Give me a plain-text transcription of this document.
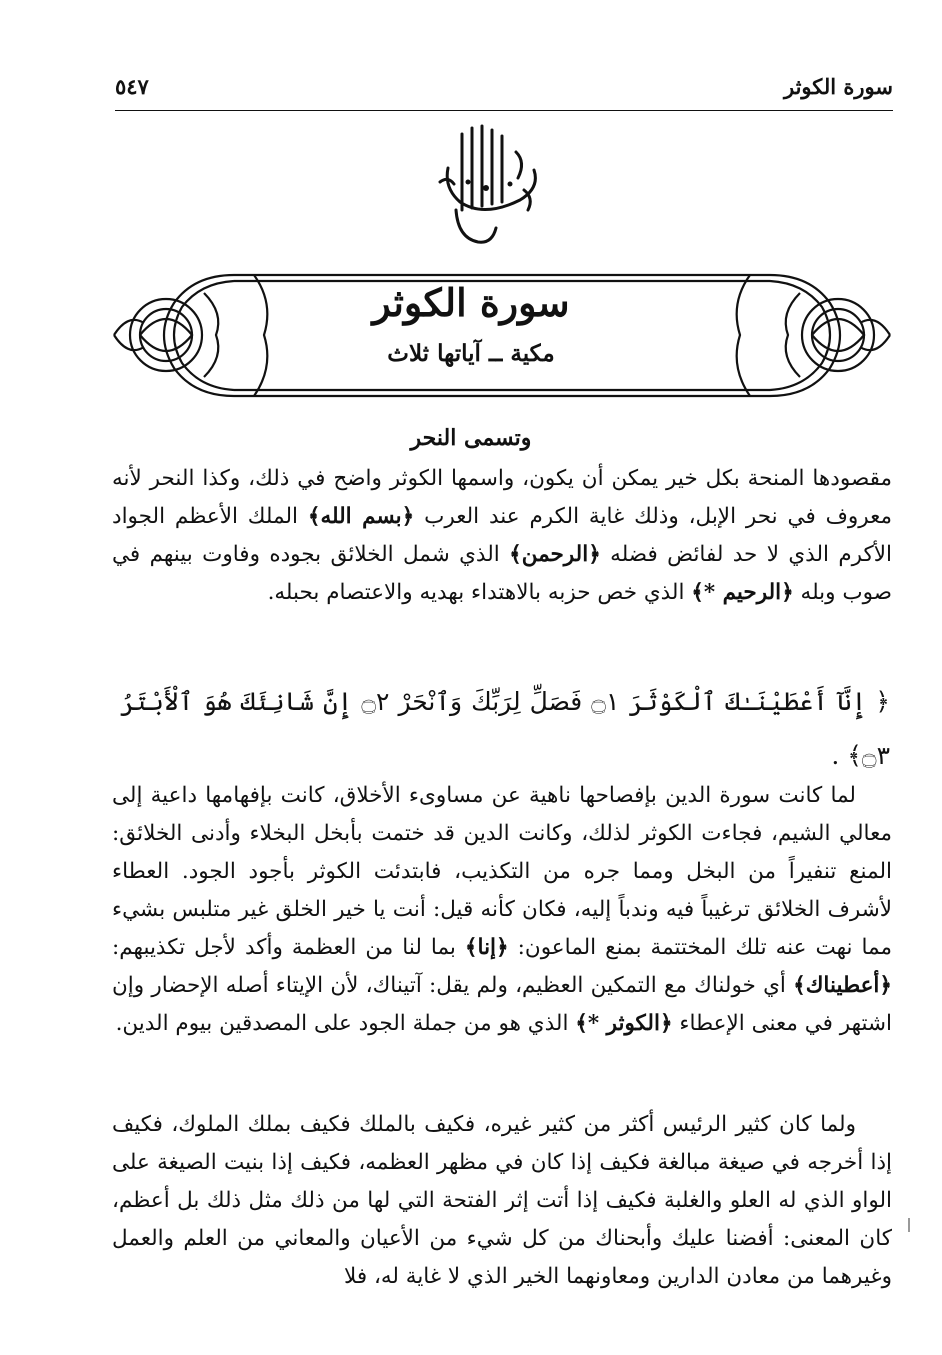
سورة الكوثر
٥٤٧
سورة الكوثر
مكية ــ آياتها ثلاث
وتسمى النحر
مقصودها المنحة بكل خير يمكن أن يكون، واسمها الكوثر واضح في ذلك، وكذا النحر لأنه معروف في نحر الإبل، وذلك غاية الكرم عند العرب ﴿بسم الله﴾ الملك الأعظم الجواد الأكرم الذي لا حد لفائض فضله ﴿الرحمن﴾ الذي شمل الخلائق بجوده وفاوت بينهم في صوب وبله ﴿الرحيم *﴾ الذي خص حزبه بالاهتداء بهديه والاعتصام بحبله.
﴿ إِنَّآ أَعْطَيْنَـٰكَ ٱلْكَوْثَرَ ۝١ فَصَلِّ لِرَبِّكَ وَٱنْحَرْ ۝٢ إِنَّ شَانِئَكَ هُوَ ٱلْأَبْتَرُ ۝٣﴾ .
لما كانت سورة الدين بإفصاحها ناهية عن مساوىء الأخلاق، كانت بإفهامها داعية إلى معالي الشيم، فجاءت الكوثر لذلك، وكانت الدين قد ختمت بأبخل البخلاء وأدنى الخلائق: المنع تنفيراً من البخل ومما جره من التكذيب، فابتدئت الكوثر بأجود الجود. العطاء لأشرف الخلائق ترغيباً فيه وندباً إليه، فكان كأنه قيل: أنت يا خير الخلق غير متلبس بشيء مما نهت عنه تلك المختتمة بمنع الماعون: ﴿إنا﴾ بما لنا من العظمة وأكد لأجل تكذيبهم: ﴿أعطيناك﴾ أي خولناك مع التمكين العظيم، ولم يقل: آتيناك، لأن الإيتاء أصله الإحضار وإن اشتهر في معنى الإعطاء ﴿الكوثر *﴾ الذي هو من جملة الجود على المصدقين بيوم الدين.
ولما كان كثير الرئيس أكثر من كثير غيره، فكيف بالملك فكيف بملك الملوك، فكيف إذا أخرجه في صيغة مبالغة فكيف إذا كان في مظهر العظمه، فكيف إذا بنيت الصيغة على الواو الذي له العلو والغلبة فكيف إذا أتت إثر الفتحة التي لها من ذلك مثل ذلك بل أعظم، كان المعنى: أفضنا عليك وأبحناك من كل شيء من الأعيان والمعاني من العلم والعمل وغيرهما من معادن الدارين ومعاونهما الخير الذي لا غاية له، فلا
